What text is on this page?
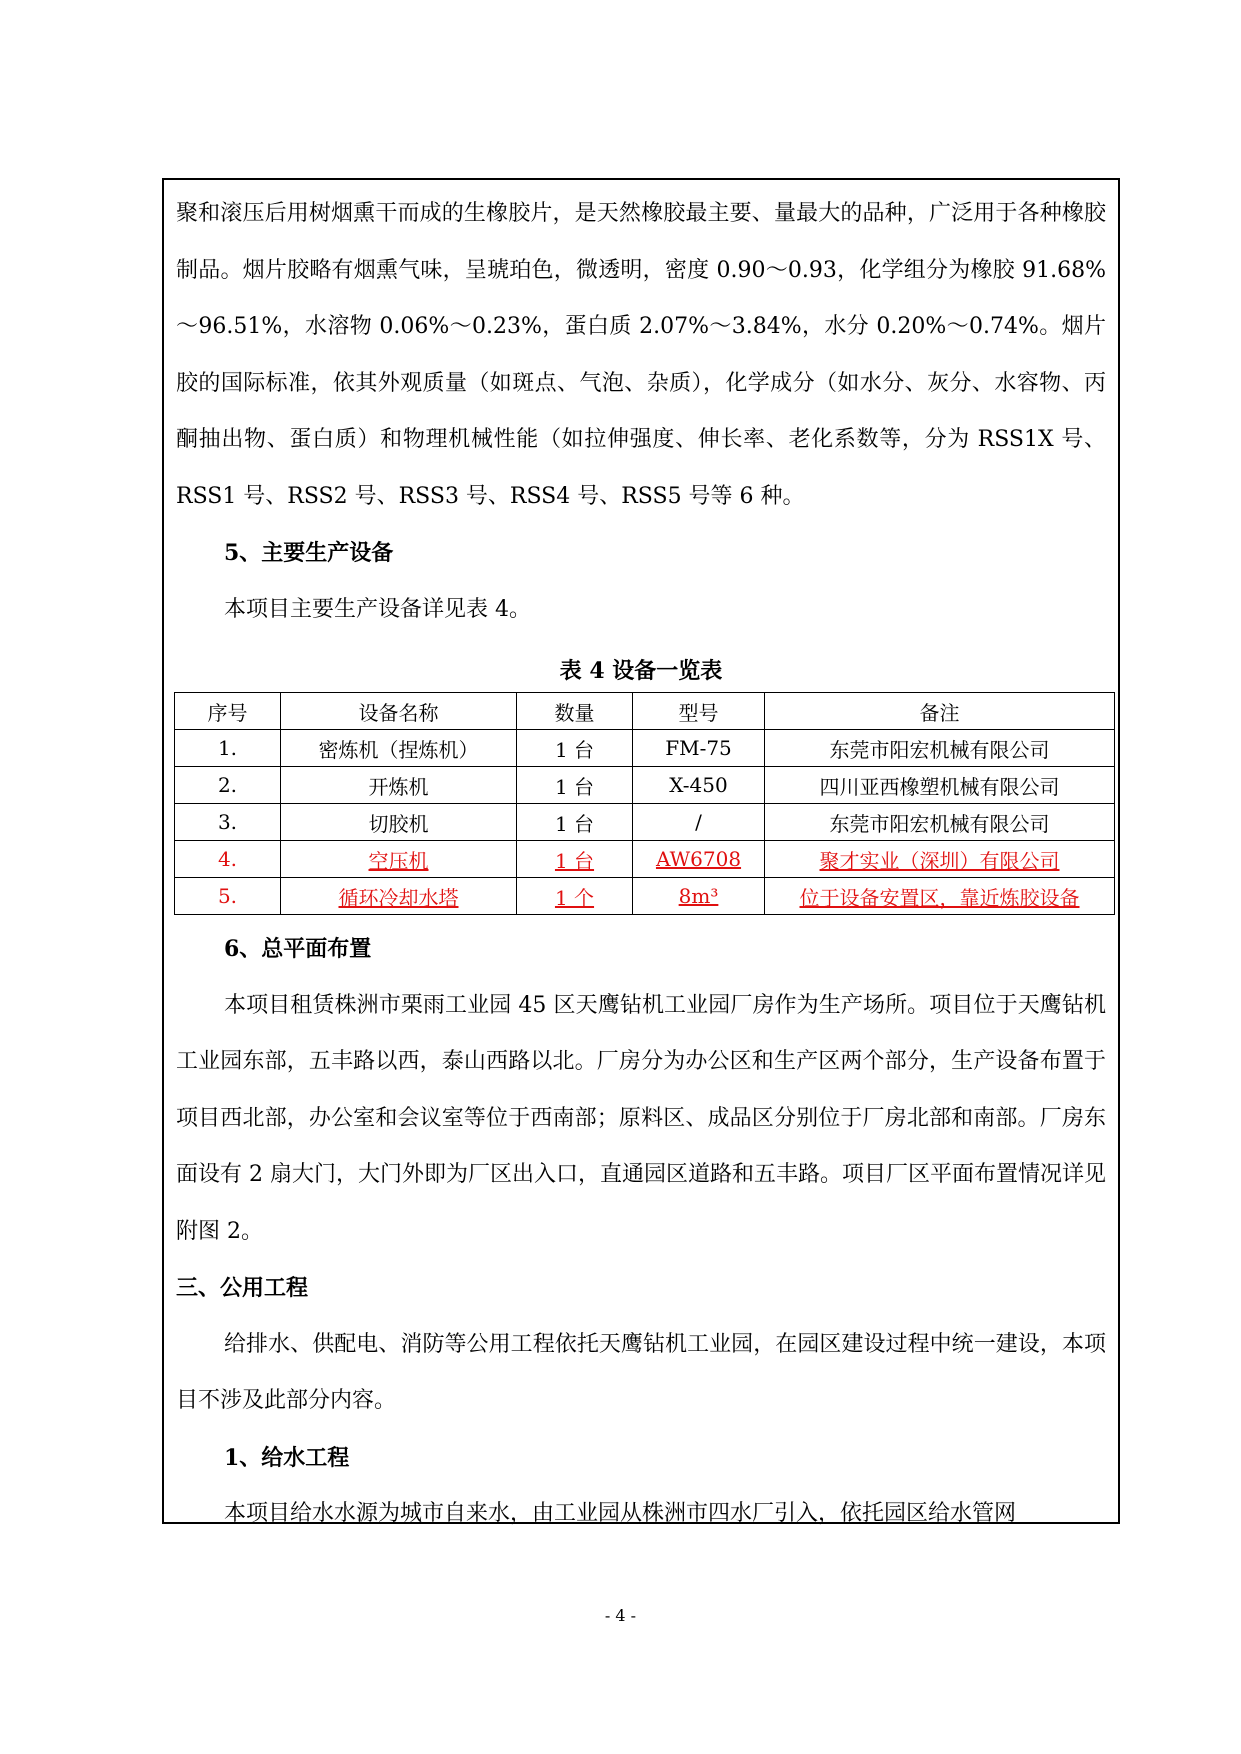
聚和滚压后用树烟熏干而成的生橡胶片，是天然橡胶最主要、量最大的品种，广泛用于各种橡胶制品。烟片胶略有烟熏气味，呈琥珀色，微透明，密度 0.90～0.93，化学组分为橡胶 91.68%～96.51%，水溶物 0.06%～0.23%，蛋白质 2.07%～3.84%，水分 0.20%～0.74%。烟片胶的国际标准，依其外观质量（如斑点、气泡、杂质），化学成分（如水分、灰分、水容物、丙酮抽出物、蛋白质）和物理机械性能（如拉伸强度、伸长率、老化系数等，分为 RSS1X 号、RSS1 号、RSS2 号、RSS3 号、RSS4 号、RSS5 号等 6 种。

5、主要生产设备

本项目主要生产设备详见表 4。

表 4 设备一览表
序号	设备名称	数量	型号	备注
1.	密炼机（捏炼机）	1 台	FM-75	东莞市阳宏机械有限公司
2.	开炼机	1 台	X-450	四川亚西橡塑机械有限公司
3.	切胶机	1 台	/	东莞市阳宏机械有限公司
4.	空压机	1 台	AW6708	聚才实业（深圳）有限公司
5.	循环冷却水塔	1 个	8m³	位于设备安置区，靠近炼胶设备

6、总平面布置

本项目租赁株洲市栗雨工业园 45 区天鹰钻机工业园厂房作为生产场所。项目位于天鹰钻机工业园东部，五丰路以西，泰山西路以北。厂房分为办公区和生产区两个部分，生产设备布置于项目西北部，办公室和会议室等位于西南部；原料区、成品区分别位于厂房北部和南部。厂房东面设有 2 扇大门，大门外即为厂区出入口，直通园区道路和五丰路。项目厂区平面布置情况详见附图 2。

三、公用工程

给排水、供配电、消防等公用工程依托天鹰钻机工业园，在园区建设过程中统一建设，本项目不涉及此部分内容。

1、给水工程

本项目给水水源为城市自来水，由工业园从株洲市四水厂引入，依托园区给水管网

- 4 -
